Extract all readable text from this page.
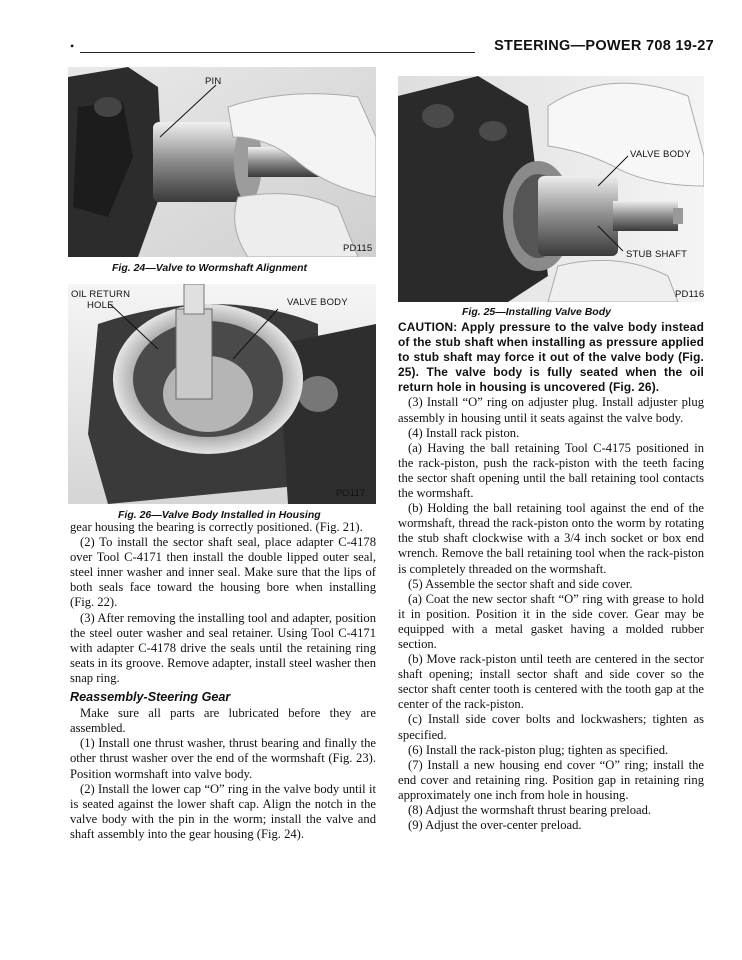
•	STEERING—POWER 708 19-27
PIN
PD115
Fig. 24—Valve to Wormshaft Alignment
OIL RETURN
HOLE	VALVE BODY
PD117
Fig. 26—Valve Body Installed in Housing
VALVE BODY
STUB SHAFT
PD116
Fig. 25—Installing Valve Body

gear housing the bearing is correctly positioned. (Fig. 21).

(2) To install the sector shaft seal, place adapter C-4178 over Tool C-4171 then install the double lipped outer seal, steel inner washer and inner seal. Make sure that the lips of both seals face toward the housing bore when installing (Fig. 22).

(3) After removing the installing tool and adapter, position the steel outer washer and seal retainer. Using Tool C-4171 with adapter C-4178 drive the seals until the retaining ring seats in its groove. Remove adapter, install steel washer then snap ring.

Reassembly-Steering Gear

Make sure all parts are lubricated before they are assembled.

(1) Install one thrust washer, thrust bearing and finally the other thrust washer over the end of the wormshaft (Fig. 23). Position wormshaft into valve body.

(2) Install the lower cap “O” ring in the valve body until it is seated against the lower shaft cap. Align the notch in the valve body with the pin in the worm; install the valve and shaft assembly into the gear housing (Fig. 24).

CAUTION: Apply pressure to the valve body instead of the stub shaft when installing as pressure applied to stub shaft may force it out of the valve body (Fig. 25). The valve body is fully seated when the oil return hole in housing is uncovered (Fig. 26).

(3) Install “O” ring on adjuster plug. Install adjuster plug assembly in housing until it seats against the valve body.

(4) Install rack piston.

(a) Having the ball retaining Tool C-4175 positioned in the rack-piston, push the rack-piston with the teeth facing the sector shaft opening until the ball retaining tool contacts the wormshaft.

(b) Holding the ball retaining tool against the end of the wormshaft, thread the rack-piston onto the worm by rotating the stub shaft clockwise with a 3/4 inch socket or box end wrench. Remove the ball retaining tool when the rack-piston is completely threaded on the wormshaft.

(5) Assemble the sector shaft and side cover.

(a) Coat the new sector shaft “O” ring with grease to hold it in position. Position it in the side cover. Gear may be equipped with a metal gasket having a molded rubber section.

(b) Move rack-piston until teeth are centered in the sector shaft opening; install sector shaft and side cover so the sector shaft center tooth is centered with the tooth gap at the center of the rack-piston.

(c) Install side cover bolts and lockwashers; tighten as specified.

(6) Install the rack-piston plug; tighten as specified.

(7) Install a new housing end cover “O” ring; install the end cover and retaining ring. Position gap in retaining ring approximately one inch from hole in housing.

(8) Adjust the wormshaft thrust bearing preload.

(9) Adjust the over-center preload.
